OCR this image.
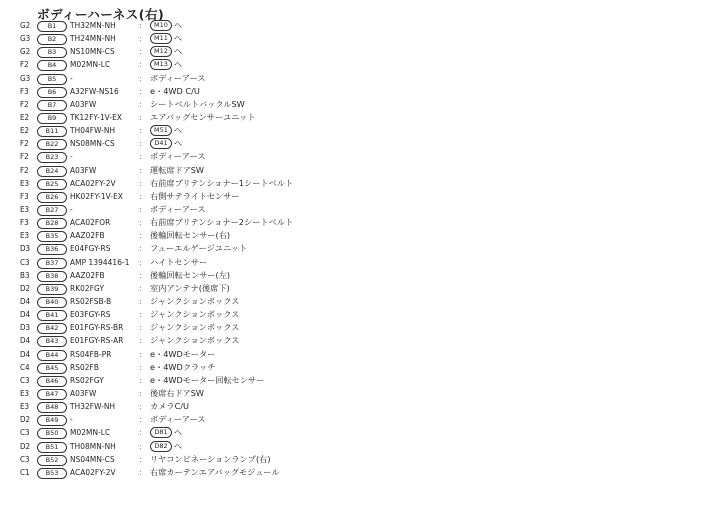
ボディーハーネス(右)
G2	B1	TH32MN-NH	:	M10 へ
G3	B2	TH24MN-NH	:	M11 へ
G2	B3	NS10MN-CS	:	M12 へ
F2	B4	M02MN-LC	:	M13 へ
G3	B5	-	: ボディーアース
F3	B6	A32FW-NS16 : e・4WD C/U
F2	B7	A03FW	: シートベルトバックルSW
E2	B9	TK12FY-1V-EX : エアバッグセンサーユニット
E2	B11	TH04FW-NH	:	M51 へ
F2	B22	NS08MN-CS	:	D41 へ
F2	B23	-	: ボディーアース
F2	B24	A03FW	: 運転席ドアSW
E3	B25	ACA02FY-2V	: 右前席プリテンショナー1シートベルト
F3	B26	HK02FY-1V-EX : 右側サテライトセンサー
E3	B27	-	: ボディーアース
F3	B28	ACA02FOR	: 右前席プリテンショナー2シートベルト
E3	B35	AAZ02FB	: 後輪回転センサー(右)
D3	B36	E04FGY-RS	: フューエルゲージユニット
C3	B37	AMP 1394416-1 : ハイトセンサー
B3	B38	AAZ02FB	: 後輪回転センサー(左)
D2	B39	RK02FGY	: 室内アンテナ(後席下)
D4	B40	RS02FSB-B	: ジャンクションボックス
D4	B41	E03FGY-RS	: ジャンクションボックス
D3	B42	E01FGY-RS-BR : ジャンクションボックス
D4	B43	E01FGY-RS-AR : ジャンクションボックス
D4	B44	RS04FB-PR	: e・4WDモーター
C4	B45	RS02FB	: e・4WDクラッチ
C3	B46	RS02FGY	: e・4WDモーター回転センサー
E3	B47	A03FW	: 後席右ドアSW
E3	B48	TH32FW-NH	: カメラC/U
D2	B49	-	: ボディーアース
C3	B50	M02MN-LC	:	D81 へ
D2	B51	TH08MN-NH	:	D82 へ
C3	B52	NS04MN-CS	: リヤコンビネーションランプ(右)
C1	B53	ACA02FY-2V	: 右席カーテンエアバッグモジュール
